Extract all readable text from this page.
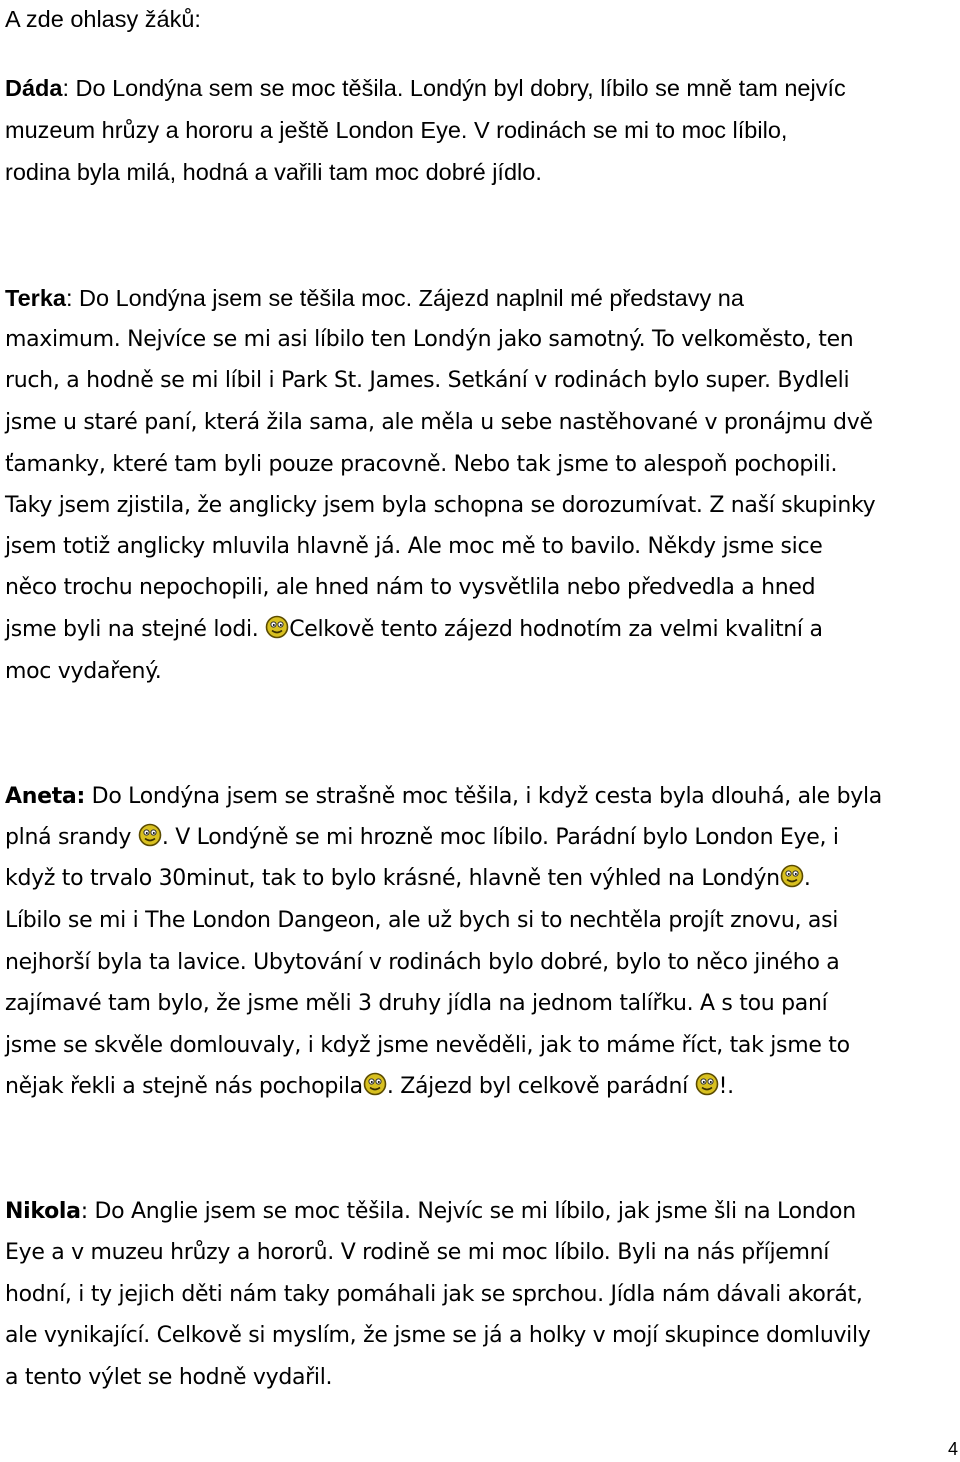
A zde ohlasy žáků:
Dáda: Do Londýna sem se moc těšila. Londýn byl dobry, líbilo se mně tam nejvíc
muzeum hrůzy a hororu a ještě London Eye. V rodinách se mi to moc líbilo,
rodina byla milá, hodná a vařili tam moc dobré jídlo.
Terka: Do Londýna jsem se těšila moc. Zájezd naplnil mé představy na
maximum. Nejvíce se mi asi líbilo ten Londýn jako samotný. To velkoměsto, ten
ruch, a hodně se mi líbil i Park St. James. Setkání v rodinách bylo super. Bydleli
jsme u staré paní, která žila sama, ale měla u sebe nastěhované v pronájmu dvě
ťamanky, které tam byli pouze pracovně. Nebo tak jsme to alespoň pochopili.
Taky jsem zjistila, že anglicky jsem byla schopna se dorozumívat. Z naší skupinky
jsem totiž anglicky mluvila hlavně já. Ale moc mě to bavilo. Někdy jsme sice
něco trochu nepochopili, ale hned nám to vysvětlila nebo předvedla a hned
jsme byli na stejné lodi. Celkově tento zájezd hodnotím za velmi kvalitní a
moc vydařený.
Aneta: Do Londýna jsem se strašně moc těšila, i když cesta byla dlouhá, ale byla
plná srandy . V Londýně se mi hrozně moc líbilo. Parádní bylo London Eye, i
když to trvalo 30minut, tak to bylo krásné, hlavně ten výhled na Londýn .
Líbilo se mi i The London Dangeon, ale už bych si to nechtěla projít znovu, asi
nejhorší byla ta lavice. Ubytování v rodinách bylo dobré, bylo to něco jiného a
zajímavé tam bylo, že jsme měli 3 druhy jídla na jednom talířku. A s tou paní
jsme se skvěle domlouvaly, i když jsme nevěděli, jak to máme říct, tak jsme to
nějak řekli a stejně nás pochopila . Zájezd byl celkově parádní !.
Nikola: Do Anglie jsem se moc těšila. Nejvíc se mi líbilo, jak jsme šli na London
Eye a v muzeu hrůzy a hororů. V rodině se mi moc líbilo. Byli na nás příjemní
hodní, i ty jejich děti nám taky pomáhali jak se sprchou. Jídla nám dávali akorát,
ale vynikající. Celkově si myslím, že jsme se já a holky v mojí skupince domluvily
a tento výlet se hodně vydařil.
4
